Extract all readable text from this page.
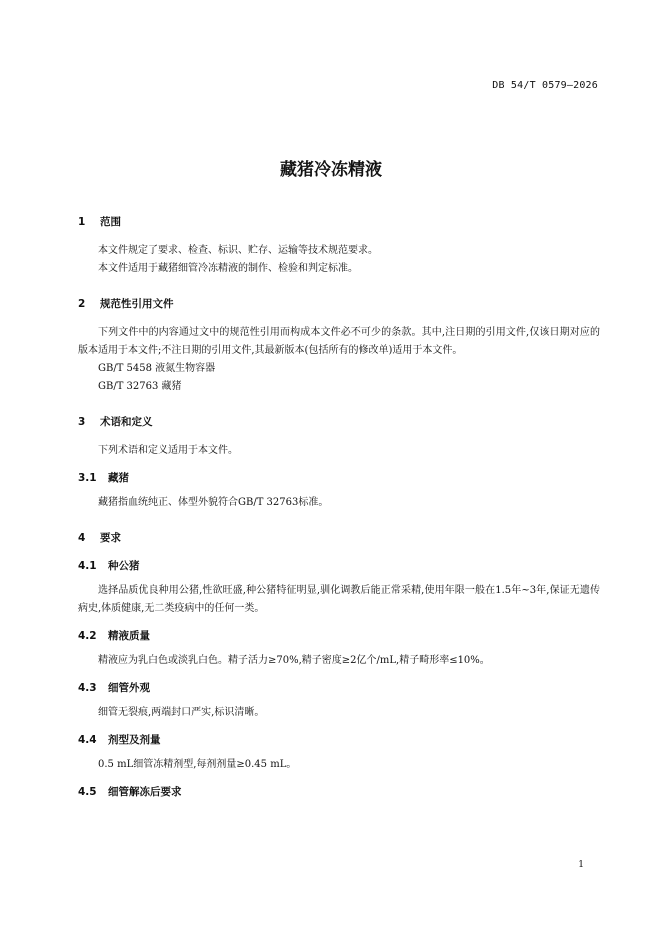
DB 54/T 0579—2026
藏猪冷冻精液
1 范围
本文件规定了要求、检查、标识、贮存、运输等技术规范要求。
本文件适用于藏猪细管冷冻精液的制作、检验和判定标准。
2 规范性引用文件
下列文件中的内容通过文中的规范性引用而构成本文件必不可少的条款。其中,注日期的引用文件,仅该日期对应的版本适用于本文件;不注日期的引用文件,其最新版本(包括所有的修改单)适用于本文件。
GB/T 5458 液氮生物容器
GB/T 32763 藏猪
3 术语和定义
下列术语和定义适用于本文件。
3.1 藏猪
藏猪指血统纯正、体型外貌符合GB/T 32763标准。
4 要求
4.1 种公猪
选择品质优良种用公猪,性欲旺盛,种公猪特征明显,驯化调教后能正常采精,使用年限一般在1.5年~3年,保证无遗传病史,体质健康,无二类疫病中的任何一类。
4.2 精液质量
精液应为乳白色或淡乳白色。精子活力≥70%,精子密度≥2亿个/mL,精子畸形率≤10%。
4.3 细管外观
细管无裂痕,两端封口严实,标识清晰。
4.4 剂型及剂量
0.5 mL细管冻精剂型,每剂剂量≥0.45 mL。
4.5 细管解冻后要求
1
